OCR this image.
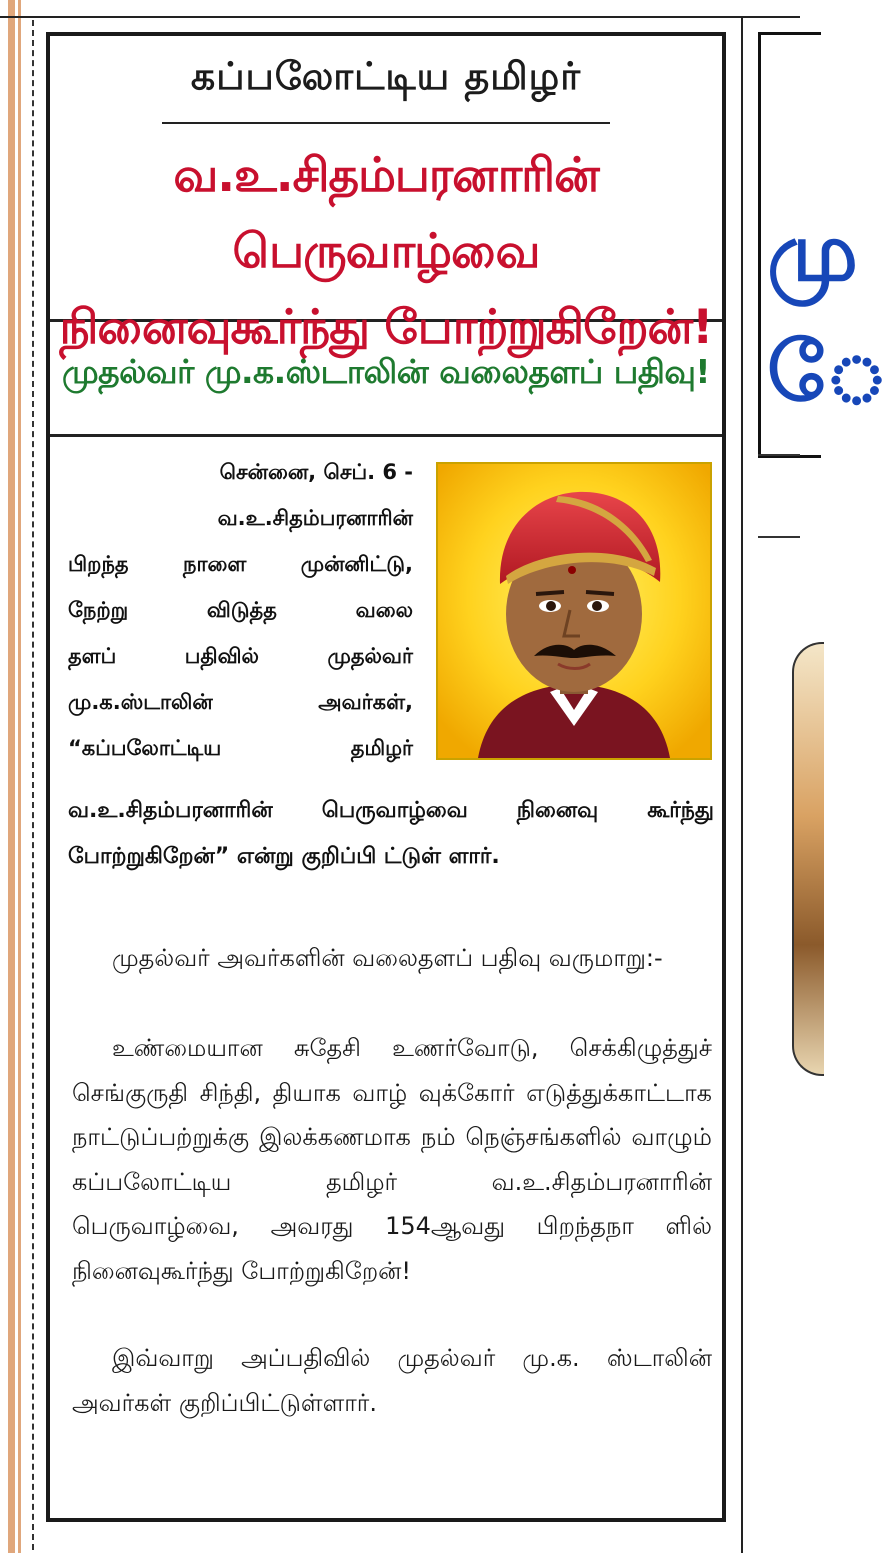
கப்பலோட்டிய தமிழர்
வ.உ.சிதம்பரனாரின் பெருவாழ்வை
நினைவுகூர்ந்து போற்றுகிறேன்!
முதல்வர் மு.க.ஸ்டாலின் வலைதளப் பதிவு!
சென்னை, செப். 6 -
வ.உ.சிதம்பரனாரின்
பிறந்த நாளை முன்னிட்டு,
நேற்று விடுத்த வலை
தளப் பதிவில் முதல்வர்
மு.க.ஸ்டாலின் அவர்கள்,
“கப்பலோட்டிய தமிழர்
வ.உ.சிதம்பரனாரின் பெருவாழ்வை நினைவு கூர்ந்து போற்றுகிறேன்” என்று குறிப்பி ட்டுள் ளார்.
முதல்வர் அவர்களின் வலைதளப் பதிவு வருமாறு:-
உண்மையான சுதேசி உணர்வோடு, செக்கிழுத்துச் செங்குருதி சிந்தி, தியாக வாழ் வுக்கோர் எடுத்துக்காட்டாக நாட்டுப்பற்றுக்கு இலக்கணமாக நம் நெஞ்சங்களில் வாழும் கப்பலோட்டிய தமிழர் வ.உ.சிதம்பரனாரின் பெருவாழ்வை, அவரது 154ஆவது பிறந்தநா ளில் நினைவுகூர்ந்து போற்றுகிறேன்!
இவ்வாறு அப்பதிவில் முதல்வர் மு.க. ஸ்டாலின் அவர்கள் குறிப்பிட்டுள்ளார்.
மு
ே
